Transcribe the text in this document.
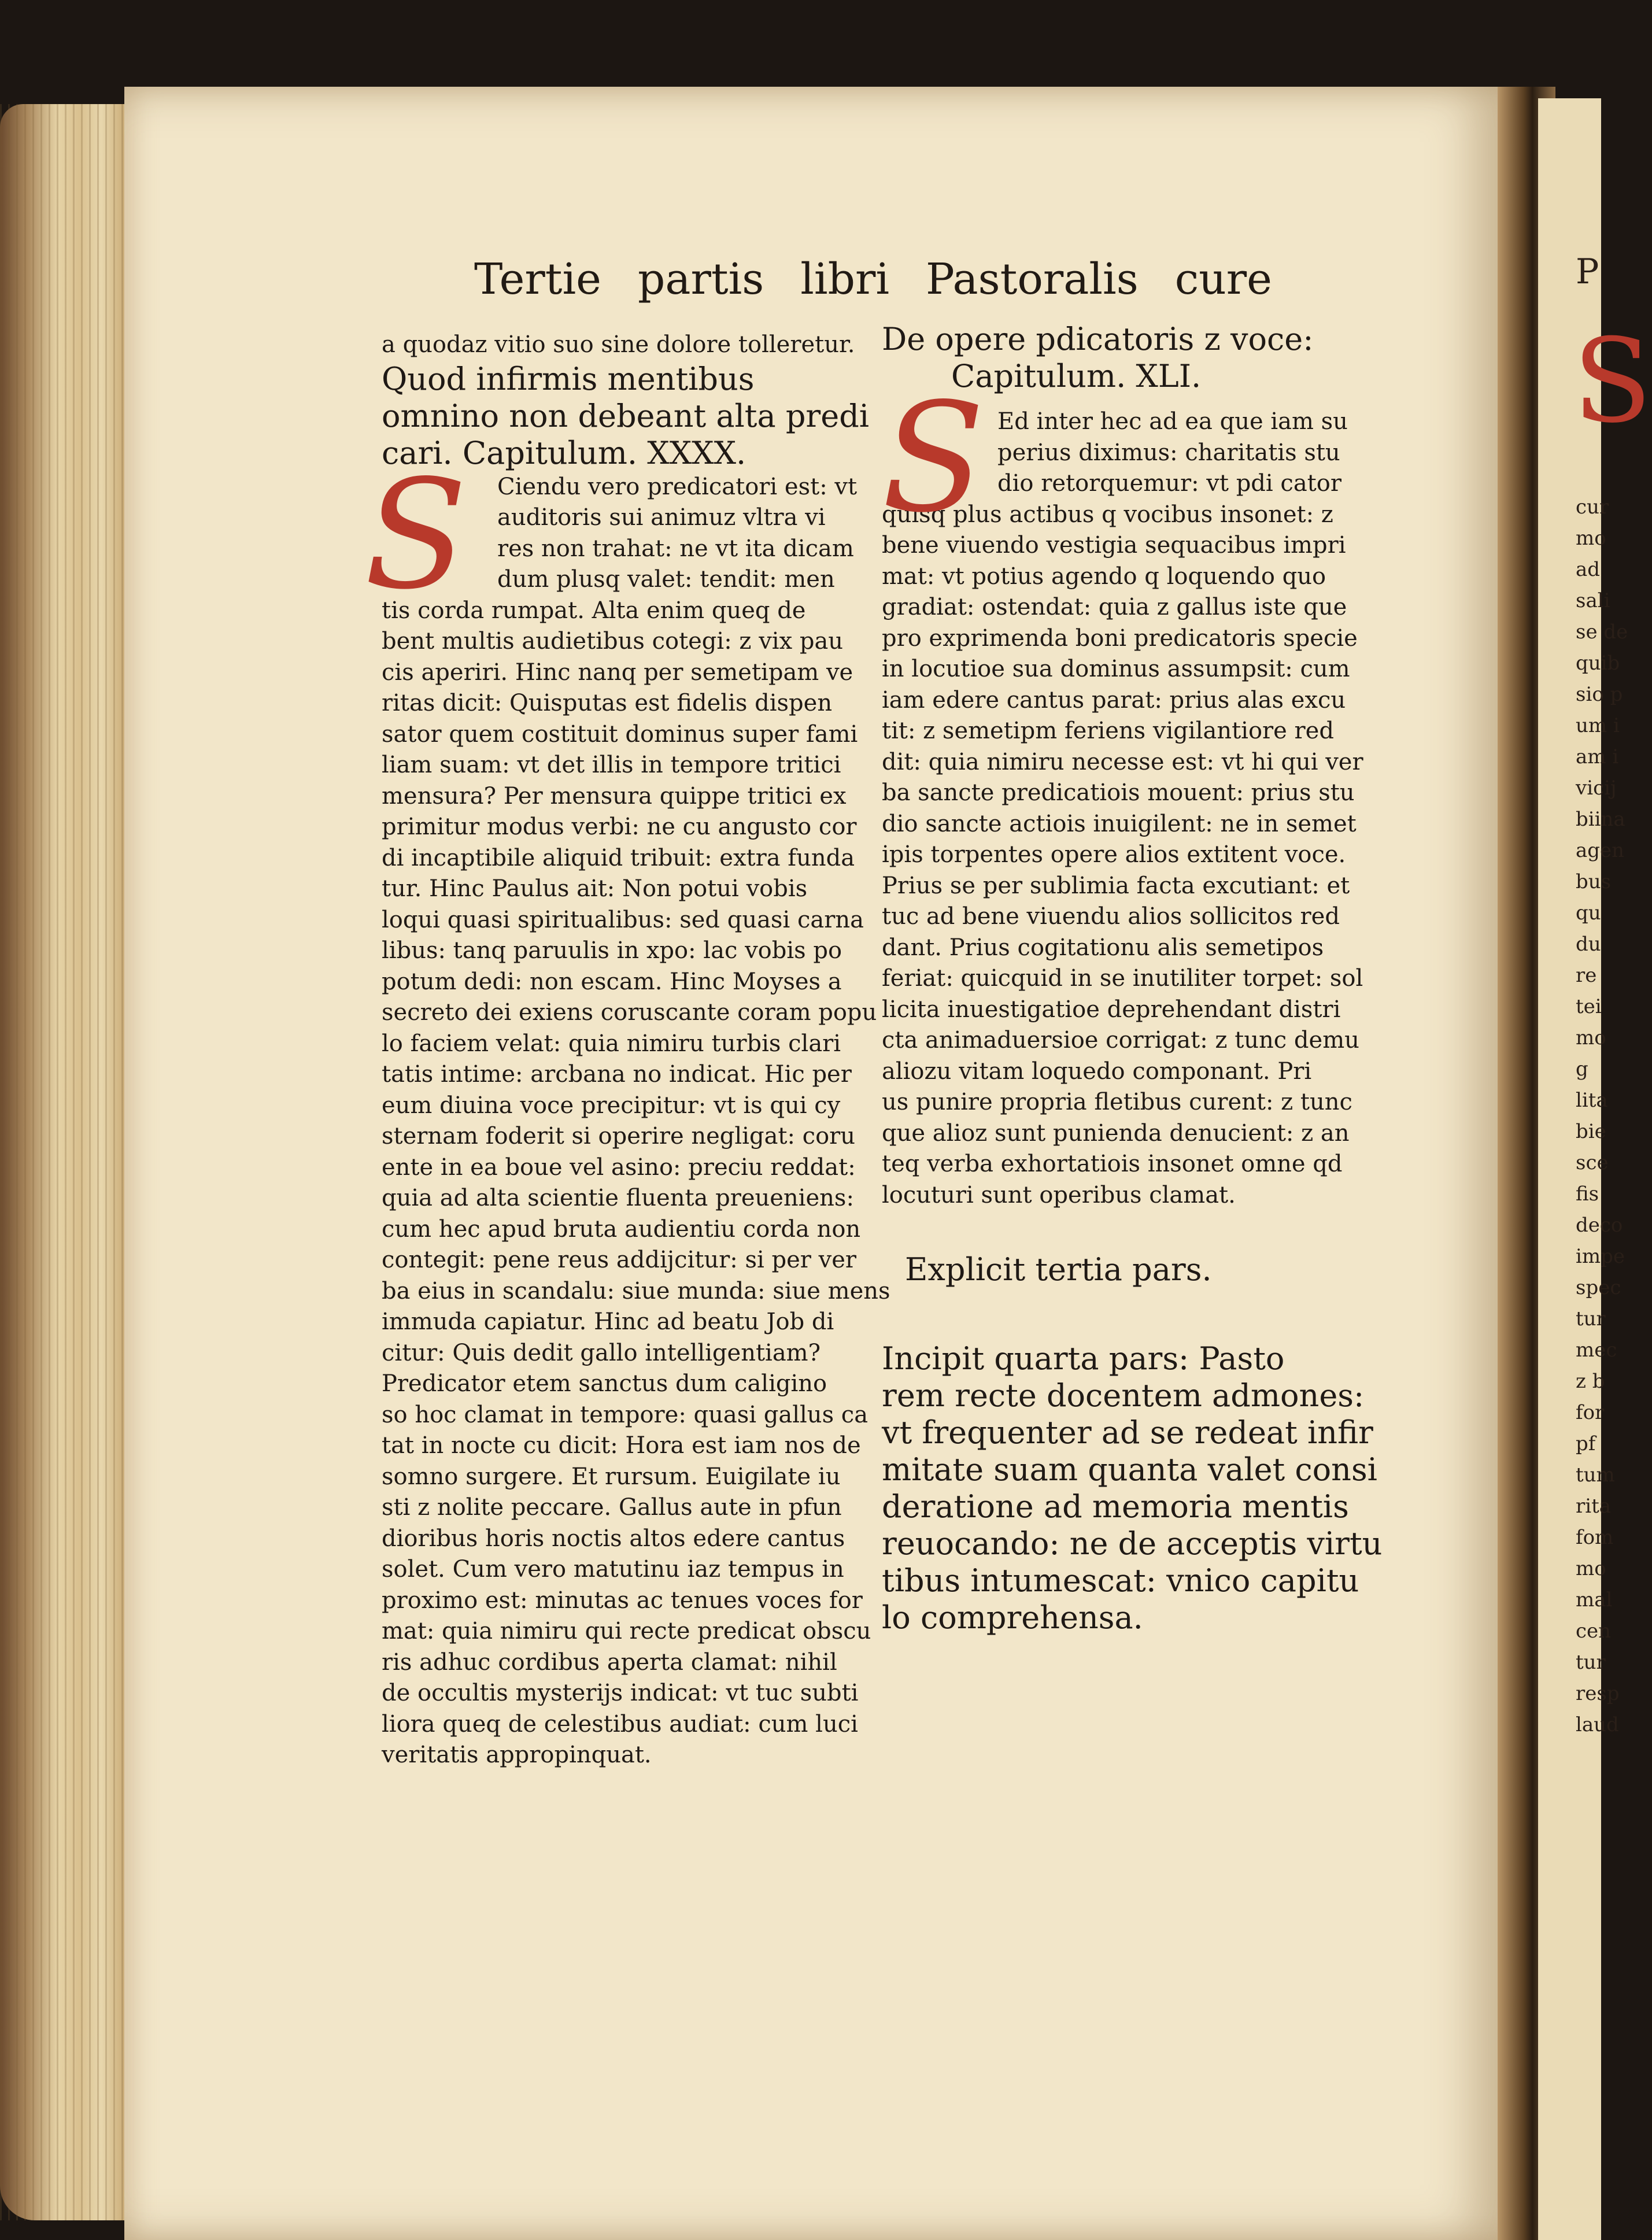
P
S
cur
mo
ad
sali
se de
quib
sio p
um i
am i
vicij
biina
agen
bus
qu
du
re
tei
mo
g
lita
bie
sce
fis
deco
impe
spec
tur
mec
z b
for
pf
tum
rita
fom
mo
mal
cen
tur
resp
laud
Tertie partis libri Pastoralis cure
a quodaz vitio suo sine dolore tolleretur.
Quod infirmis mentibus
omnino non debeant alta predi
cari. Capitulum. XXXX.
S	Ciendu vero predicatori est: vt
auditoris sui animuz vltra vi
res non trahat: ne vt ita dicam
dum plusq valet: tendit: men
tis corda rumpat. Alta enim queq de
bent multis audietibus cotegi: z vix pau
cis aperiri. Hinc nanq per semetipam ve
ritas dicit: Quisputas est fidelis dispen
sator quem costituit dominus super fami
liam suam: vt det illis in tempore tritici
mensura? Per mensura quippe tritici ex
primitur modus verbi: ne cu angusto cor
di incaptibile aliquid tribuit: extra funda
tur. Hinc Paulus ait: Non potui vobis
loqui quasi spiritualibus: sed quasi carna
libus: tanq paruulis in xpo: lac vobis po
potum dedi: non escam. Hinc Moyses a
secreto dei exiens coruscante coram popu
lo faciem velat: quia nimiru turbis clari
tatis intime: arcbana no indicat. Hic per
eum diuina voce precipitur: vt is qui cy
sternam foderit si operire negligat: coru
ente in ea boue vel asino: preciu reddat:
quia ad alta scientie fluenta preueniens:
cum hec apud bruta audientiu corda non
contegit: pene reus addijcitur: si per ver
ba eius in scandalu: siue munda: siue mens
immuda capiatur. Hinc ad beatu Job di
citur: Quis dedit gallo intelligentiam?
Predicator etem sanctus dum caligino
so hoc clamat in tempore: quasi gallus ca
tat in nocte cu dicit: Hora est iam nos de
somno surgere. Et rursum. Euigilate iu
sti z nolite peccare. Gallus aute in pfun
dioribus horis noctis altos edere cantus
solet. Cum vero matutinu iaz tempus in
proximo est: minutas ac tenues voces for
mat: quia nimiru qui recte predicat obscu
ris adhuc cordibus aperta clamat: nihil
de occultis mysterijs indicat: vt tuc subti
liora queq de celestibus audiat: cum luci
veritatis appropinquat.
De opere pdicatoris z voce:
Capitulum. XLI.
S Ed inter hec ad ea que iam su
perius diximus: charitatis stu
dio retorquemur: vt pdi cator
quisq plus actibus q vocibus insonet: z
bene viuendo vestigia sequacibus impri
mat: vt potius agendo q loquendo quo
gradiat: ostendat: quia z gallus iste que
pro exprimenda boni predicatoris specie
in locutioe sua dominus assumpsit: cum
iam edere cantus parat: prius alas excu
tit: z semetipm feriens vigilantiore red
dit: quia nimiru necesse est: vt hi qui ver
ba sancte predicatiois mouent: prius stu
dio sancte actiois inuigilent: ne in semet
ipis torpentes opere alios extitent voce.
Prius se per sublimia facta excutiant: et
tuc ad bene viuendu alios sollicitos red
dant. Prius cogitationu alis semetipos
feriat: quicquid in se inutiliter torpet: sol
licita inuestigatioe deprehendant distri
cta animaduersioe corrigat: z tunc demu
aliozu vitam loquedo componant. Pri
us punire propria fletibus curent: z tunc
que alioz sunt punienda denucient: z an
teq verba exhortatiois insonet omne qd
locuturi sunt operibus clamat.
Explicit tertia pars.
Incipit quarta pars: Pasto
rem recte docentem admones:
vt frequenter ad se redeat infir
mitate suam quanta valet consi
deratione ad memoria mentis
reuocando: ne de acceptis virtu
tibus intumescat: vnico capitu
lo comprehensa.
